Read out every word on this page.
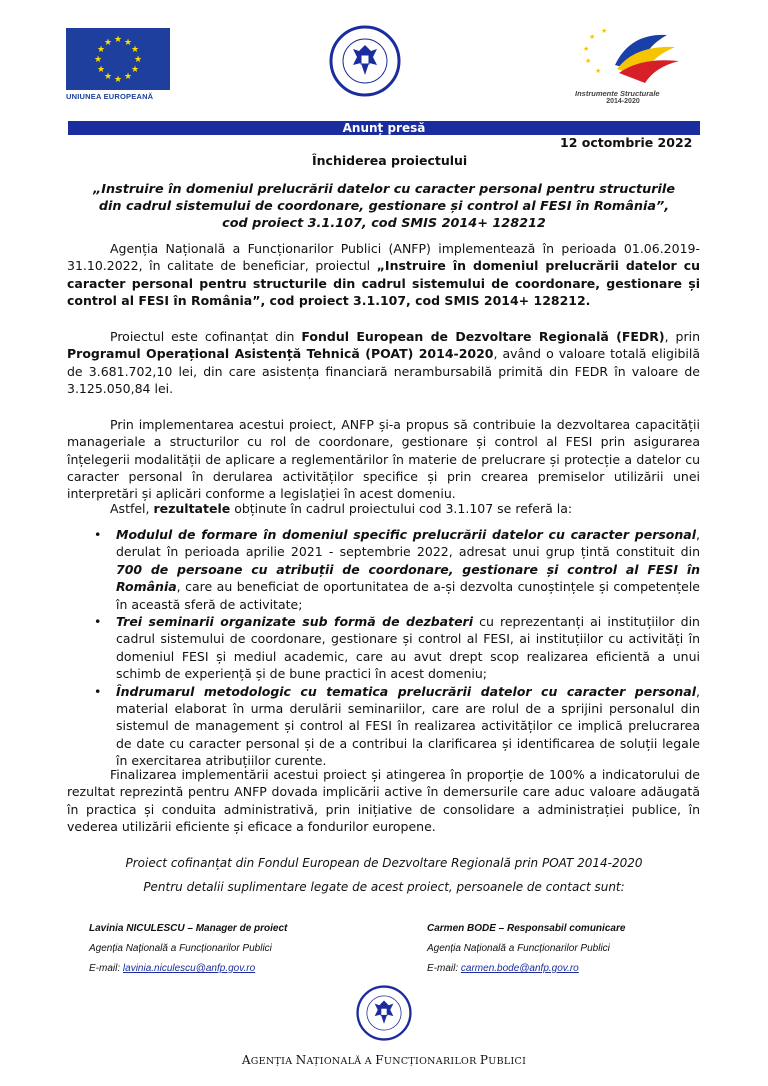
★ ★
★
★
★
★
★
★
★
★
★
★
UNIUNEA EUROPEANĂ
★
★
★
★
★
Instrumente Structurale
2014-2020
Anunț presă
12 octombrie 2022
Închiderea proiectului
„Instruire în domeniul prelucrării datelor cu caracter personal pentru structurile
din cadrul sistemului de coordonare, gestionare și control al FESI în România”,
cod proiect 3.1.107, cod SMIS 2014+ 128212

Agenția Națională a Funcționarilor Publici (ANFP) implementează în perioada 01.06.2019-31.10.2022, în calitate de beneficiar, proiectul „Instruire în domeniul prelucrării datelor cu caracter personal pentru structurile din cadrul sistemului de coordonare, gestionare și control al FESI în România”, cod proiect 3.1.107, cod SMIS 2014+ 128212.

Proiectul este cofinanțat din Fondul European de Dezvoltare Regională (FEDR), prin Programul Operațional Asistență Tehnică (POAT) 2014-2020, având o valoare totală eligibilă de 3.681.702,10 lei, din care asistența financiară nerambursabilă primită din FEDR în valoare de 3.125.050,84 lei.

Prin implementarea acestui proiect, ANFP și-a propus să contribuie la dezvoltarea capacității manageriale a structurilor cu rol de coordonare, gestionare și control al FESI prin asigurarea înțelegerii modalității de aplicare a reglementărilor în materie de prelucrare și protecție a datelor cu caracter personal în derularea activităților specifice și prin crearea premiselor utilizării unei interpretări și aplicări conforme a legislației în acest domeniu.

Astfel, rezultatele obținute în cadrul proiectului cod 3.1.107 se referă la:

• Modulul de formare în domeniul specific prelucrării datelor cu caracter personal, derulat în perioada aprilie 2021 - septembrie 2022, adresat unui grup țintă constituit din 700 de persoane cu atribuții de coordonare, gestionare și control al FESI în România, care au beneficiat de oportunitatea de a-și dezvolta cunoștințele și competențele în această sferă de activitate;

• Trei seminarii organizate sub formă de dezbateri cu reprezentanți ai instituțiilor din cadrul sistemului de coordonare, gestionare și control al FESI, ai instituțiilor cu activități în domeniul FESI și mediul academic, care au avut drept scop realizarea eficientă a unui schimb de experiență și de bune practici în acest domeniu;

• Îndrumarul metodologic cu tematica prelucrării datelor cu caracter personal, material elaborat în urma derulării seminariilor, care are rolul de a sprijini personalul din sistemul de management și control al FESI în realizarea activităților ce implică prelucrarea de date cu caracter personal și de a contribui la clarificarea și identificarea de soluții legale în exercitarea atribuțiilor curente.

Finalizarea implementării acestui proiect și atingerea în proporție de 100% a indicatorului de rezultat reprezintă pentru ANFP dovada implicării active în demersurile care aduc valoare adăugată în practica și conduita administrativă, prin inițiative de consolidare a administrației publice, în vederea utilizării eficiente și eficace a fondurilor europene.

Proiect cofinanțat din Fondul European de Dezvoltare Regională prin POAT 2014-2020
Pentru detalii suplimentare legate de acest proiect, persoanele de contact sunt:
Lavinia NICULESCU – Manager de proiect
Agenția Națională a Funcționarilor Publici
E-mail: lavinia.niculescu@anfp.gov.ro
Carmen BODE – Responsabil comunicare
Agenția Națională a Funcționarilor Publici
E-mail: carmen.bode@anfp.gov.ro
AGENȚIA NAȚIONALĂ A FUNCȚIONARILOR PUBLICI
